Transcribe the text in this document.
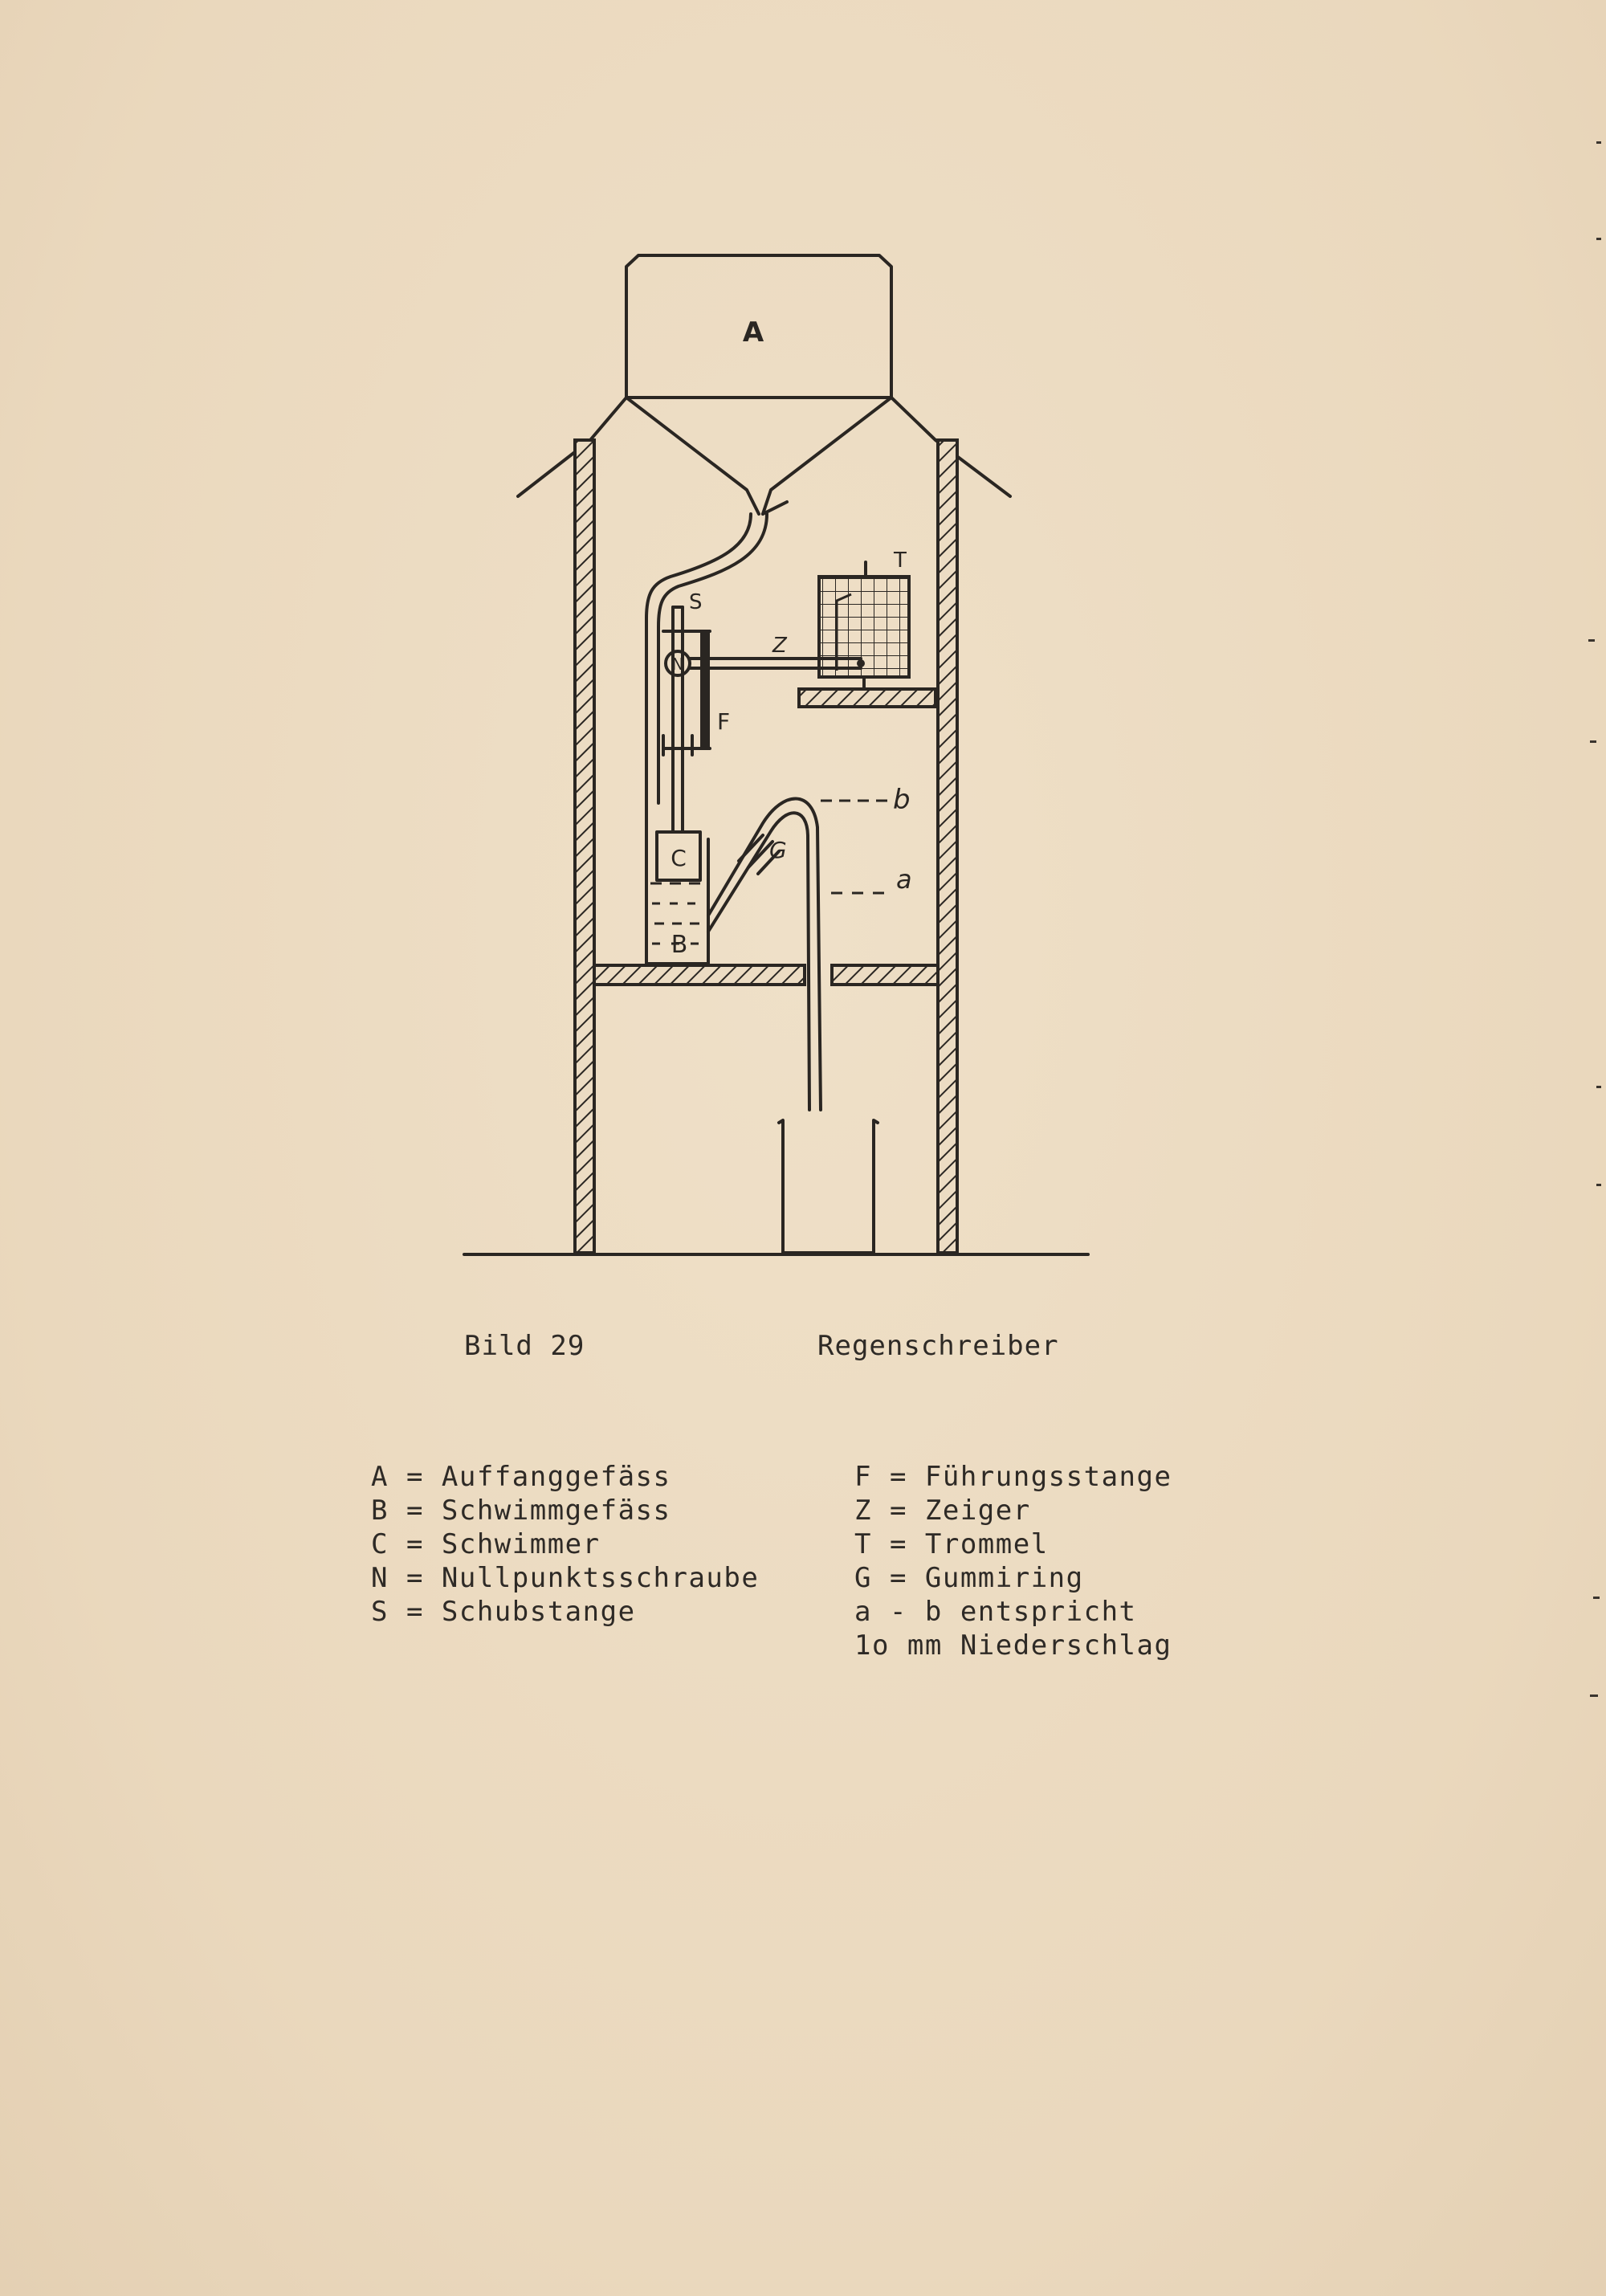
A
B
C
S
F
N
Z
T
G
b
a
Bild 29	Regenschreiber
A = Auffanggefäss
B = Schwimmgefäss
C = Schwimmer
N = Nullpunktsschraube
S = Schubstange
F = Führungsstange
Z = Zeiger
T = Trommel
G = Gummiring
a - b entspricht
1o mm Niederschlag
